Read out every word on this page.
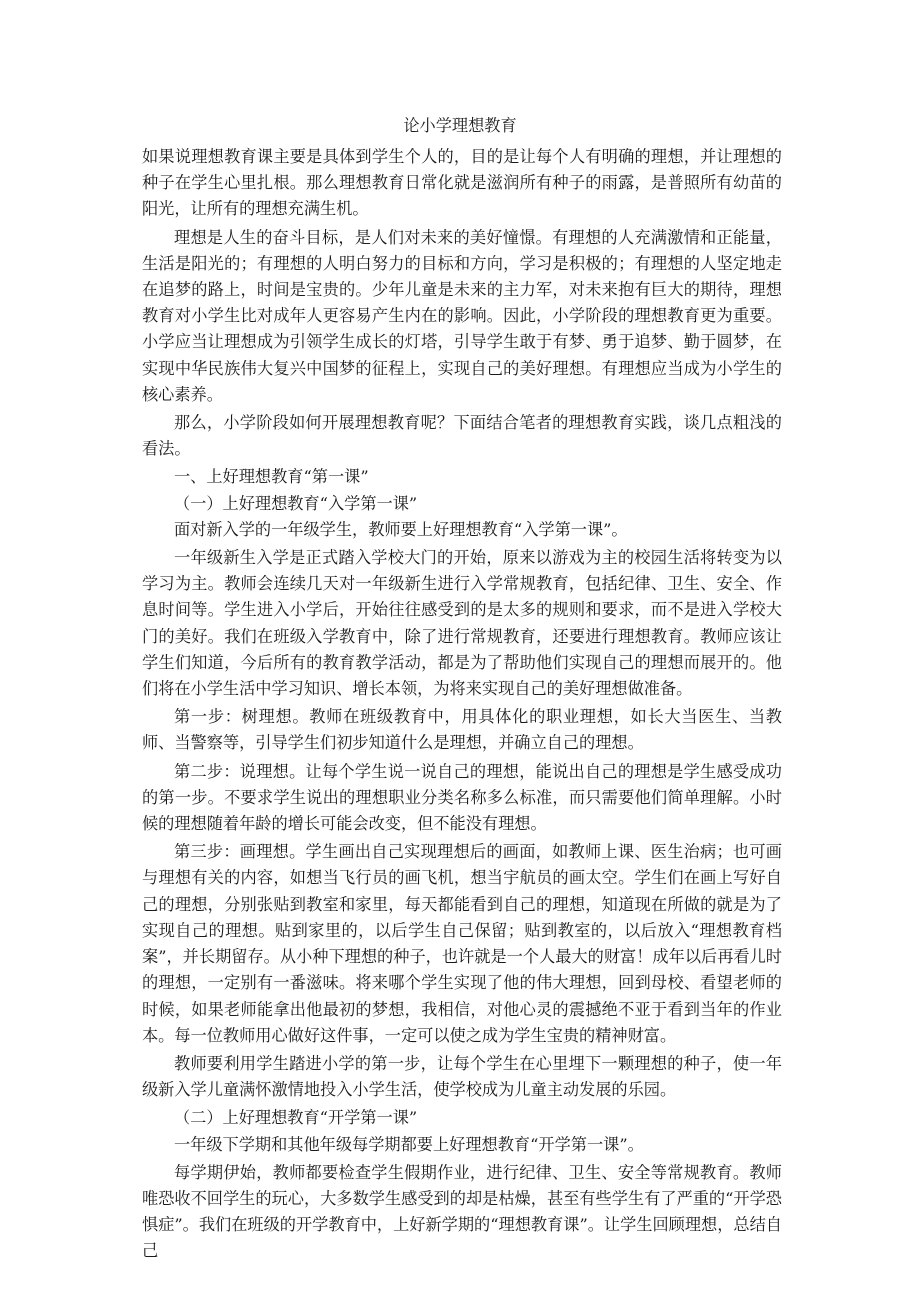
论小学理想教育

如果说理想教育课主要是具体到学生个人的，目的是让每个人有明确的理想，并让理想的种子在学生心里扎根。那么理想教育日常化就是滋润所有种子的雨露，是普照所有幼苗的阳光，让所有的理想充满生机。

理想是人生的奋斗目标，是人们对未来的美好憧憬。有理想的人充满激情和正能量，生活是阳光的；有理想的人明白努力的目标和方向，学习是积极的；有理想的人坚定地走在追梦的路上，时间是宝贵的。少年儿童是未来的主力军，对未来抱有巨大的期待，理想教育对小学生比对成年人更容易产生内在的影响。因此，小学阶段的理想教育更为重要。小学应当让理想成为引领学生成长的灯塔，引导学生敢于有梦、勇于追梦、勤于圆梦，在实现中华民族伟大复兴中国梦的征程上，实现自己的美好理想。有理想应当成为小学生的核心素养。

那么，小学阶段如何开展理想教育呢？下面结合笔者的理想教育实践，谈几点粗浅的看法。

一、上好理想教育“第一课”

（一）上好理想教育“入学第一课”

面对新入学的一年级学生，教师要上好理想教育“入学第一课”。

一年级新生入学是正式踏入学校大门的开始，原来以游戏为主的校园生活将转变为以学习为主。教师会连续几天对一年级新生进行入学常规教育，包括纪律、卫生、安全、作息时间等。学生进入小学后，开始往往感受到的是太多的规则和要求，而不是进入学校大门的美好。我们在班级入学教育中，除了进行常规教育，还要进行理想教育。教师应该让学生们知道，今后所有的教育教学活动，都是为了帮助他们实现自己的理想而展开的。他们将在小学生活中学习知识、增长本领，为将来实现自己的美好理想做准备。

第一步：树理想。教师在班级教育中，用具体化的职业理想，如长大当医生、当教师、当警察等，引导学生们初步知道什么是理想，并确立自己的理想。

第二步：说理想。让每个学生说一说自己的理想，能说出自己的理想是学生感受成功的第一步。不要求学生说出的理想职业分类名称多么标准，而只需要他们简单理解。小时候的理想随着年龄的增长可能会改变，但不能没有理想。

第三步：画理想。学生画出自己实现理想后的画面，如教师上课、医生治病；也可画与理想有关的内容，如想当飞行员的画飞机，想当宇航员的画太空。学生们在画上写好自己的理想，分别张贴到教室和家里，每天都能看到自己的理想，知道现在所做的就是为了实现自己的理想。贴到家里的，以后学生自己保留；贴到教室的，以后放入“理想教育档案”，并长期留存。从小种下理想的种子，也许就是一个人最大的财富！成年以后再看儿时的理想，一定别有一番滋味。将来哪个学生实现了他的伟大理想，回到母校、看望老师的时候，如果老师能拿出他最初的梦想，我相信，对他心灵的震撼绝不亚于看到当年的作业本。每一位教师用心做好这件事，一定可以使之成为学生宝贵的精神财富。

教师要利用学生踏进小学的第一步，让每个学生在心里埋下一颗理想的种子，使一年级新入学儿童满怀激情地投入小学生活，使学校成为儿童主动发展的乐园。

（二）上好理想教育“开学第一课”

一年级下学期和其他年级每学期都要上好理想教育“开学第一课”。

每学期伊始，教师都要检查学生假期作业，进行纪律、卫生、安全等常规教育。教师唯恐收不回学生的玩心，大多数学生感受到的却是枯燥，甚至有些学生有了严重的“开学恐惧症”。我们在班级的开学教育中，上好新学期的“理想教育课”。让学生回顾理想，总结自己
